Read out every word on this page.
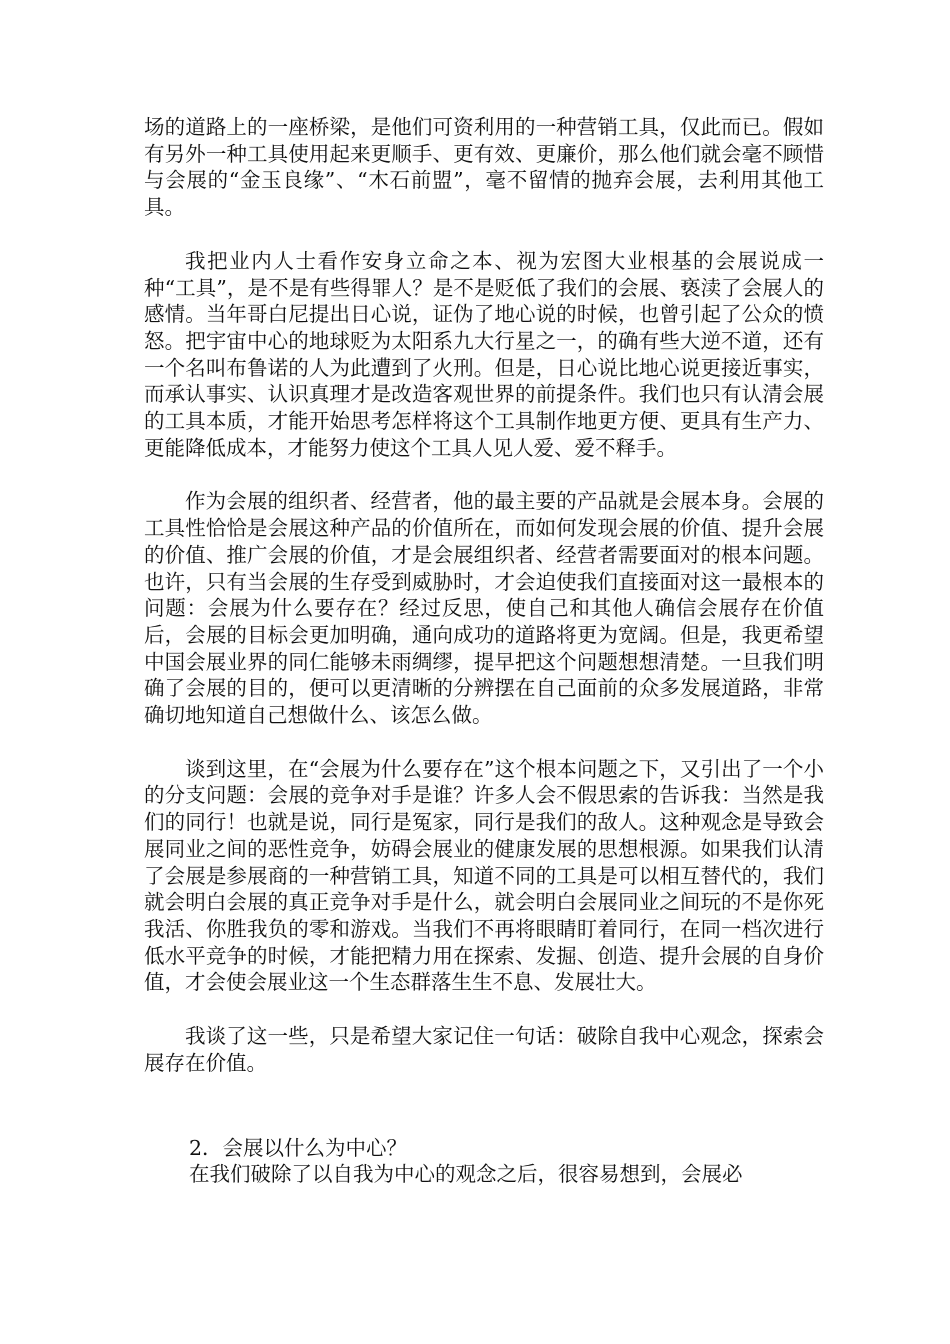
场的道路上的一座桥梁，是他们可资利用的一种营销工具，仅此而已。假如有另外一种工具使用起来更顺手、更有效、更廉价，那么他们就会毫不顾惜与会展的“金玉良缘”、“木石前盟”，毫不留情的抛弃会展，去利用其他工具。

我把业内人士看作安身立命之本、视为宏图大业根基的会展说成一种“工具”，是不是有些得罪人？是不是贬低了我们的会展、亵渎了会展人的感情。当年哥白尼提出日心说，证伪了地心说的时候，也曾引起了公众的愤怒。把宇宙中心的地球贬为太阳系九大行星之一，的确有些大逆不道，还有一个名叫布鲁诺的人为此遭到了火刑。但是，日心说比地心说更接近事实，而承认事实、认识真理才是改造客观世界的前提条件。我们也只有认清会展的工具本质，才能开始思考怎样将这个工具制作地更方便、更具有生产力、更能降低成本，才能努力使这个工具人见人爱、爱不释手。

作为会展的组织者、经营者，他的最主要的产品就是会展本身。会展的工具性恰恰是会展这种产品的价值所在，而如何发现会展的价值、提升会展的价值、推广会展的价值，才是会展组织者、经营者需要面对的根本问题。也许，只有当会展的生存受到威胁时，才会迫使我们直接面对这一最根本的问题：会展为什么要存在？经过反思，使自己和其他人确信会展存在价值后，会展的目标会更加明确，通向成功的道路将更为宽阔。但是，我更希望中国会展业界的同仁能够未雨绸缪，提早把这个问题想想清楚。一旦我们明确了会展的目的，便可以更清晰的分辨摆在自己面前的众多发展道路，非常确切地知道自己想做什么、该怎么做。

谈到这里，在“会展为什么要存在”这个根本问题之下，又引出了一个小的分支问题：会展的竞争对手是谁？许多人会不假思索的告诉我：当然是我们的同行！也就是说，同行是冤家，同行是我们的敌人。这种观念是导致会展同业之间的恶性竞争，妨碍会展业的健康发展的思想根源。如果我们认清了会展是参展商的一种营销工具，知道不同的工具是可以相互替代的，我们就会明白会展的真正竞争对手是什么，就会明白会展同业之间玩的不是你死我活、你胜我负的零和游戏。当我们不再将眼睛盯着同行，在同一档次进行低水平竞争的时候，才能把精力用在探索、发掘、创造、提升会展的自身价值，才会使会展业这一个生态群落生生不息、发展壮大。

我谈了这一些，只是希望大家记住一句话：破除自我中心观念，探索会展存在价值。

2．会展以什么为中心？

在我们破除了以自我为中心的观念之后，很容易想到，会展必
